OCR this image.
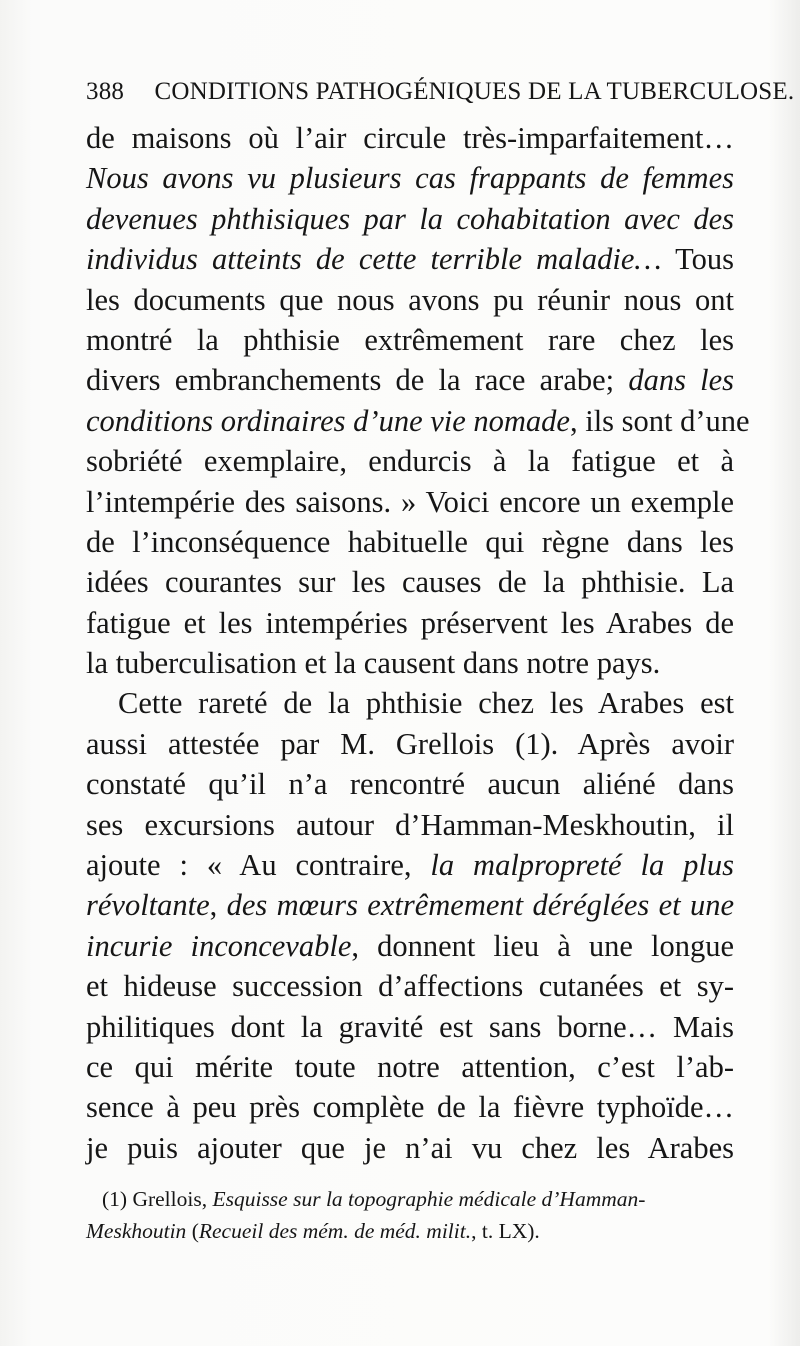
388 CONDITIONS PATHOGÉNIQUES DE LA TUBERCULOSE.
de maisons où l’air circule très-imparfaitement…
Nous avons vu plusieurs cas frappants de femmes
devenues phthisiques par la cohabitation avec des
individus atteints de cette terrible maladie… Tous
les documents que nous avons pu réunir nous ont
montré la phthisie extrêmement rare chez les
divers embranchements de la race arabe; dans les
conditions ordinaires d’une vie nomade, ils sont d’une
sobriété exemplaire, endurcis à la fatigue et à
l’intempérie des saisons. » Voici encore un exemple
de l’inconséquence habituelle qui règne dans les
idées courantes sur les causes de la phthisie. La
fatigue et les intempéries préservent les Arabes de
la tuberculisation et la causent dans notre pays.
Cette rareté de la phthisie chez les Arabes est
aussi attestée par M. Grellois (1). Après avoir
constaté qu’il n’a rencontré aucun aliéné dans
ses excursions autour d’Hamman-Meskhoutin, il
ajoute : « Au contraire, la malpropreté la plus
révoltante, des mœurs extrêmement déréglées et une
incurie inconcevable, donnent lieu à une longue
et hideuse succession d’affections cutanées et sy-
philitiques dont la gravité est sans borne… Mais
ce qui mérite toute notre attention, c’est l’ab-
sence à peu près complète de la fièvre typhoïde…
je puis ajouter que je n’ai vu chez les Arabes
(1) Grellois, Esquisse sur la topographie médicale d’Hamman-
Meskhoutin (Recueil des mém. de méd. milit., t. LX).
